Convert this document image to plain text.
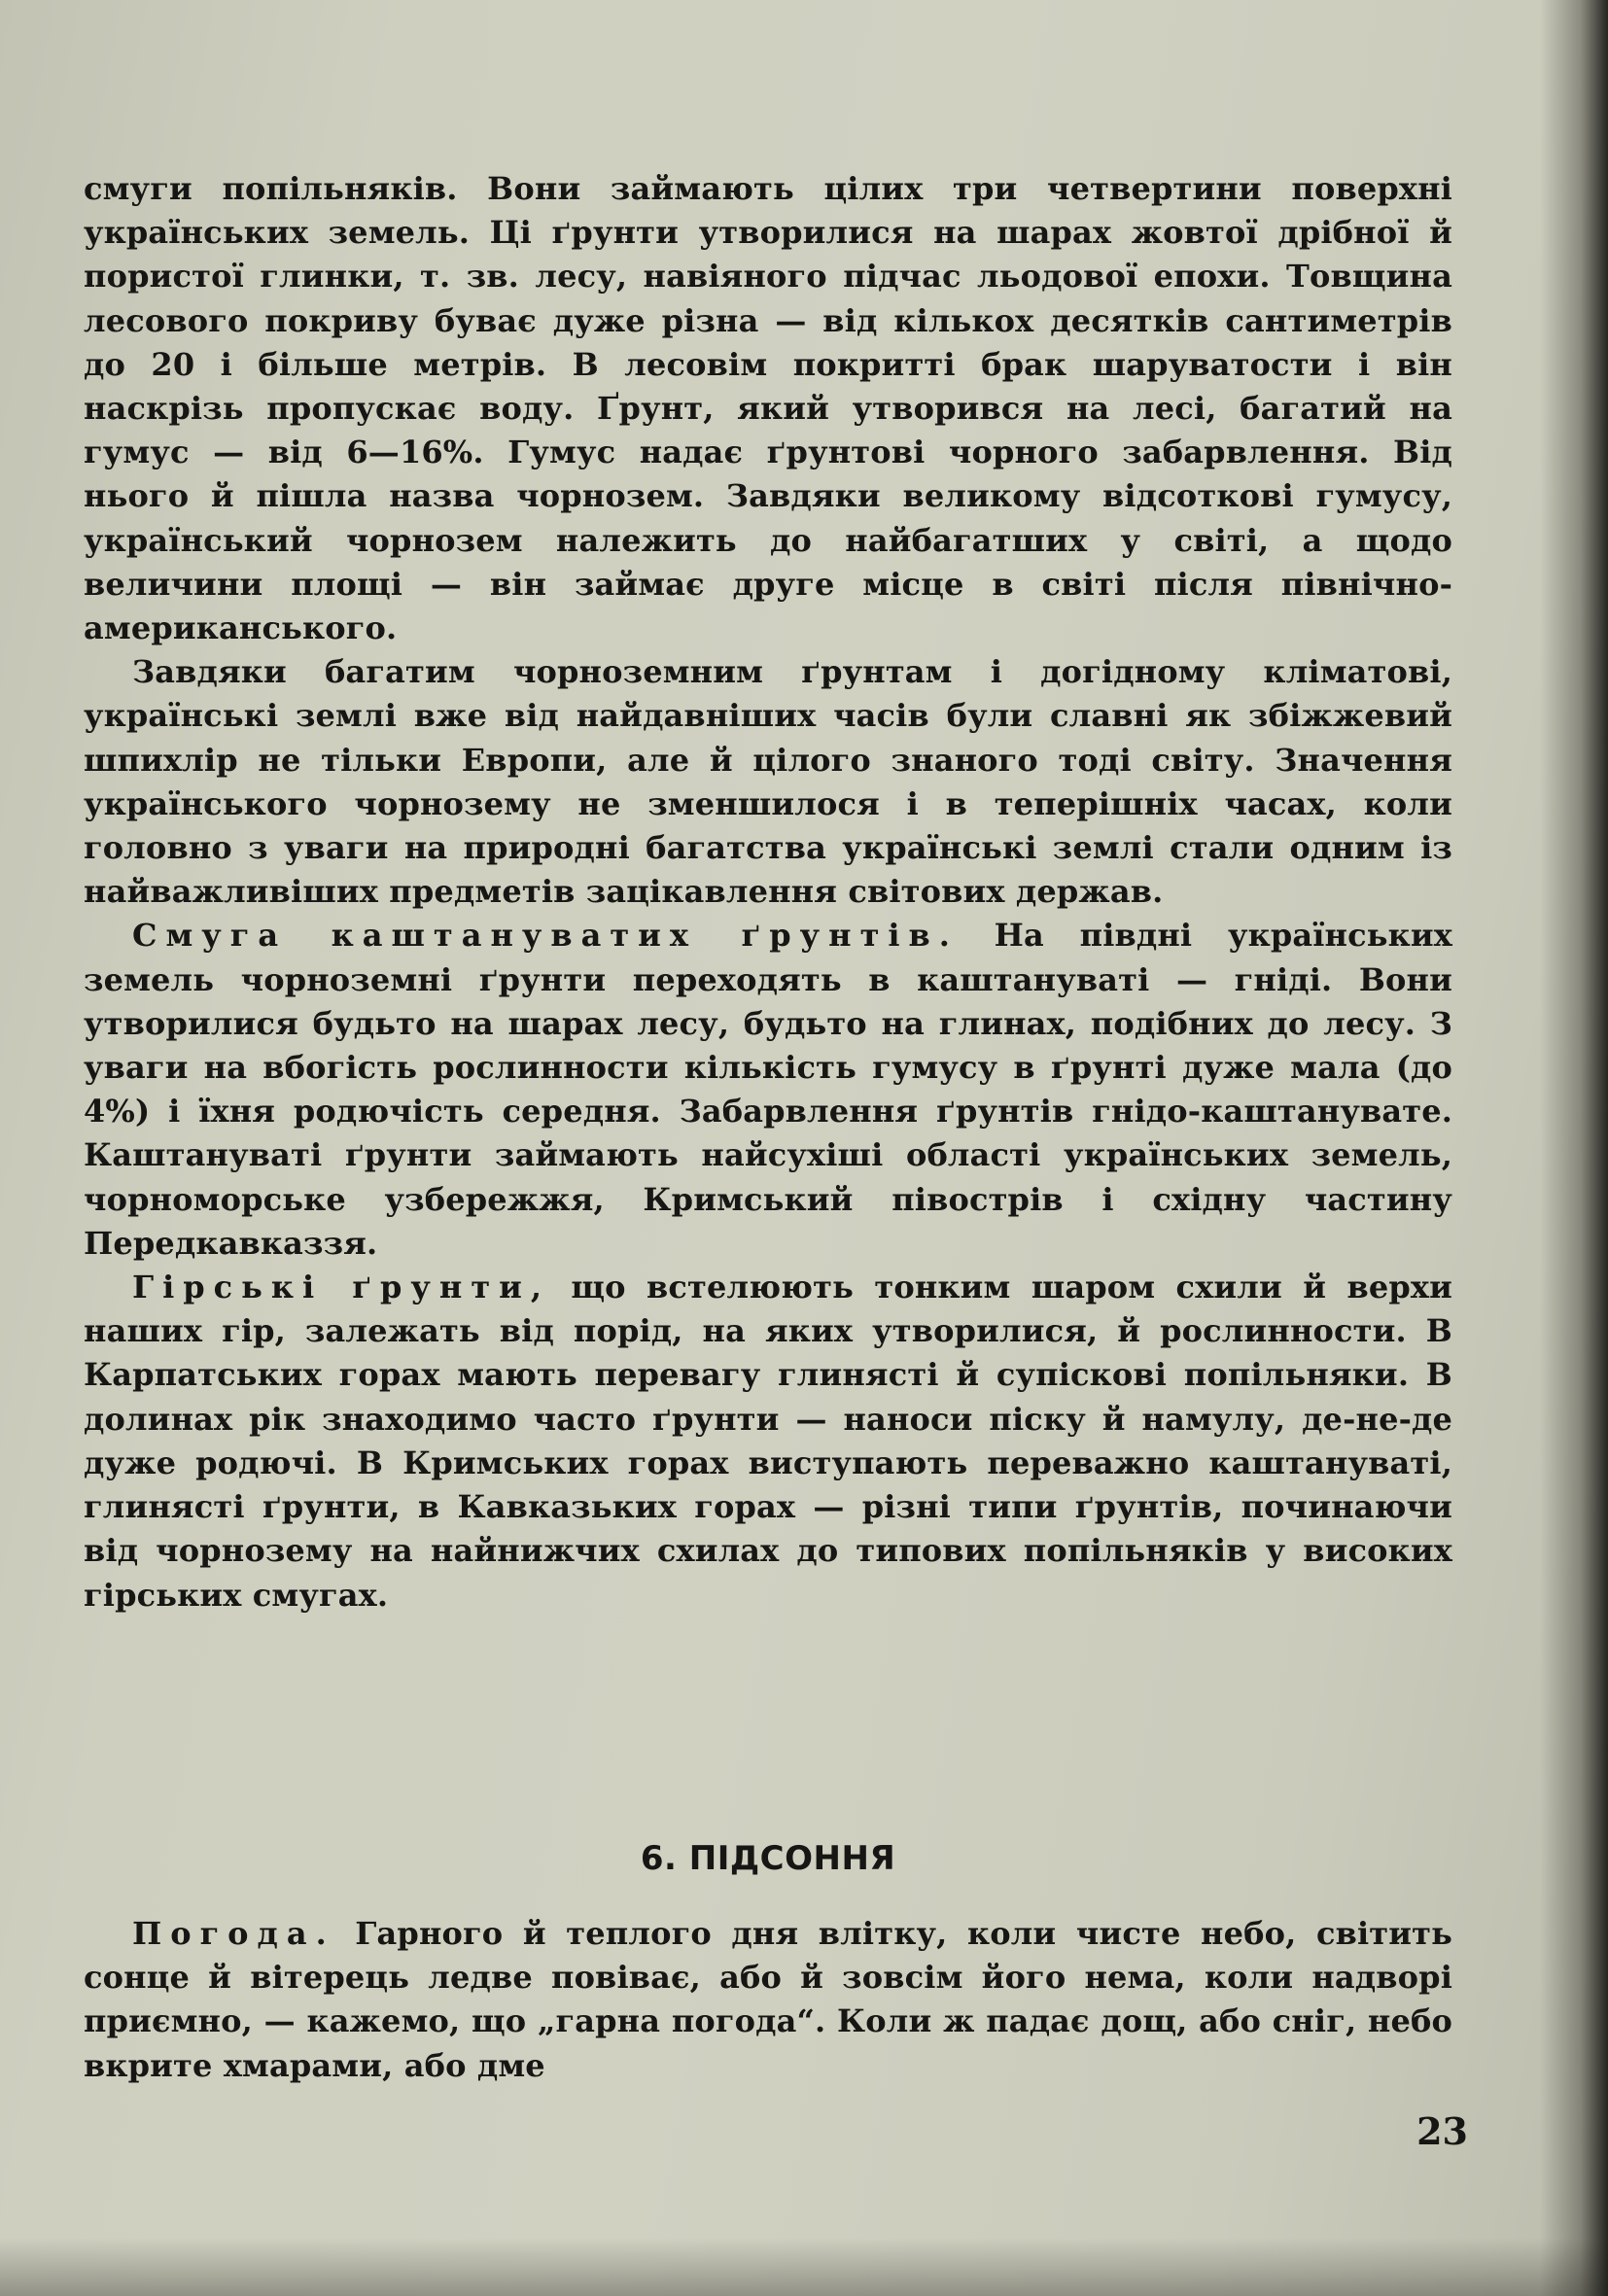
смуги попільняків. Вони займають цілих три четвертини поверхні українських земель. Ці ґрунти утворилися на шарах жовтої дрібної й пористої глинки, т. зв. лесу, навіяного підчас льодової епохи. Товщина лесового покриву буває дуже різна — від кількох десятків сантиметрів до 20 і більше метрів. В лесовім покритті брак шаруватости і він наскрізь пропускає воду. Ґрунт, який утворився на лесі, багатий на гумус — від 6—16%. Гумус надає ґрунтові чорного забарвлення. Від нього й пішла назва чорнозем. Завдяки великому відсоткові гумусу, український чорнозем належить до найбагатших у світі, а щодо величини площі — він займає друге місце в світі після північно-американського.

Завдяки багатим чорноземним ґрунтам і догідному кліматові, українські землі вже від найдавніших часів були славні як збіжжевий шпихлір не тільки Европи, але й цілого знаного тоді світу. Значення українського чорнозему не зменшилося і в теперішніх часах, коли головно з уваги на природні багатства українські землі стали одним із найважливіших предметів зацікавлення світових держав.

Смуга каштануватих ґрунтів. На півдні українських земель чорноземні ґрунти переходять в каштануваті — гніді. Вони утворилися будьто на шарах лесу, будьто на глинах, подібних до лесу. З уваги на вбогість рослинности кількість гумусу в ґрунті дуже мала (до 4%) і їхня родючість середня. Забарвлення ґрунтів гнідо-каштанувате. Каштануваті ґрунти займають найсухіші області українських земель, чорноморське узбережжя, Кримський півострів і східну частину Передкавказзя.

Гірські ґрунти, що встелюють тонким шаром схили й верхи наших гір, залежать від порід, на яких утворилися, й рослинности. В Карпатських горах мають перевагу глинясті й супіскові попільняки. В долинах рік знаходимо часто ґрунти — наноси піску й намулу, де-не-де дуже родючі. В Кримських горах виступають переважно каштануваті, глинясті ґрунти, в Кавказьких горах — різні типи ґрунтів, починаючи від чорнозему на найнижчих схилах до типових попільняків у високих гірських смугах.

6. ПІДСОННЯ

Погода. Гарного й теплого дня влітку, коли чисте небо, світить сонце й вітерець ледве повіває, або й зовсім його нема, коли надворі приємно, — кажемо, що „гарна погода“. Коли ж падає дощ, або сніг, небо вкрите хмарами, або дме

23
